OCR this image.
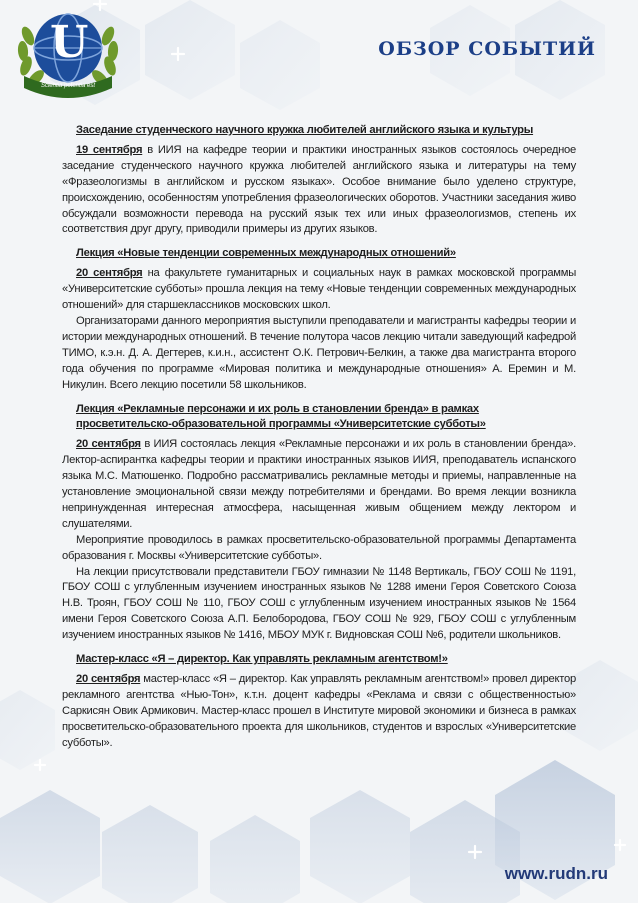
U
Scientia potentia est
ОБЗОР СОБЫТИЙ
Заседание студенческого научного кружка любителей английского языка и культуры

19 сентября в ИИЯ на кафедре теории и практики иностранных языков состоялось очередное заседание студенческого научного кружка любителей английского языка и литературы на тему «Фразеологизмы в английском и русском языках». Особое внимание было уделено структуре, происхождению, особенностям употребления фразеологических оборотов. Участники заседания живо обсуждали возможности перевода на русский язык тех или иных фразеологизмов, степень их соответствия друг другу, приводили примеры из других языков.

Лекция «Новые тенденции современных международных отношений»

20 сентября на факультете гуманитарных и социальных наук в рамках московской программы «Университетские субботы» прошла лекция на тему «Новые тенденции современных международных отношений» для старшеклассников московских школ.

Организаторами данного мероприятия выступили преподаватели и магистранты кафедры теории и истории международных отношений. В течение полутора часов лекцию читали заведующий кафедрой ТИМО, к.э.н. Д. А. Дегтерев, к.и.н., ассистент О.К. Петрович-Белкин, а также два магистранта второго года обучения по программе «Мировая политика и международные отношения» А. Еремин и М. Никулин. Всего лекцию посетили 58 школьников.

Лекция «Рекламные персонажи и их роль в становлении бренда» в рамках просветительско-образовательной программы «Университетские субботы»

20 сентября в ИИЯ состоялась лекция «Рекламные персонажи и их роль в становлении бренда». Лектор-аспирантка кафедры теории и практики иностранных языков ИИЯ, преподаватель испанского языка М.С. Матюшенко. Подробно рассматривались рекламные методы и приемы, направленные на установление эмоциональной связи между потребителями и брендами. Во время лекции возникла непринужденная интересная атмосфера, насыщенная живым общением между лектором и слушателями.

Мероприятие проводилось в рамках просветительско-образовательной программы Департамента образования г. Москвы «Университетские субботы».

На лекции присутствовали представители ГБОУ гимназии № 1148 Вертикаль, ГБОУ СОШ № 1191, ГБОУ СОШ с углубленным изучением иностранных языков № 1288 имени Героя Советского Союза Н.В. Троян, ГБОУ СОШ № 110, ГБОУ СОШ с углубленным изучением иностранных языков № 1564 имени Героя Советского Союза А.П. Белобородова, ГБОУ СОШ № 929, ГБОУ СОШ с углубленным изучением иностранных языков № 1416, МБОУ МУК г. Видновская СОШ №6, родители школьников.

Мастер-класс «Я – директор. Как управлять рекламным агентством!»

20 сентября мастер-класс «Я – директор. Как управлять рекламным агентством!» провел директор рекламного агентства «Нью-Тон», к.т.н. доцент кафедры «Реклама и связи с общественностью» Саркисян Овик Армикович. Мастер-класс прошел в Институте мировой экономики и бизнеса в рамках просветительско-образовательного проекта для школьников, студентов и взрослых «Университетские субботы».

www.rudn.ru
